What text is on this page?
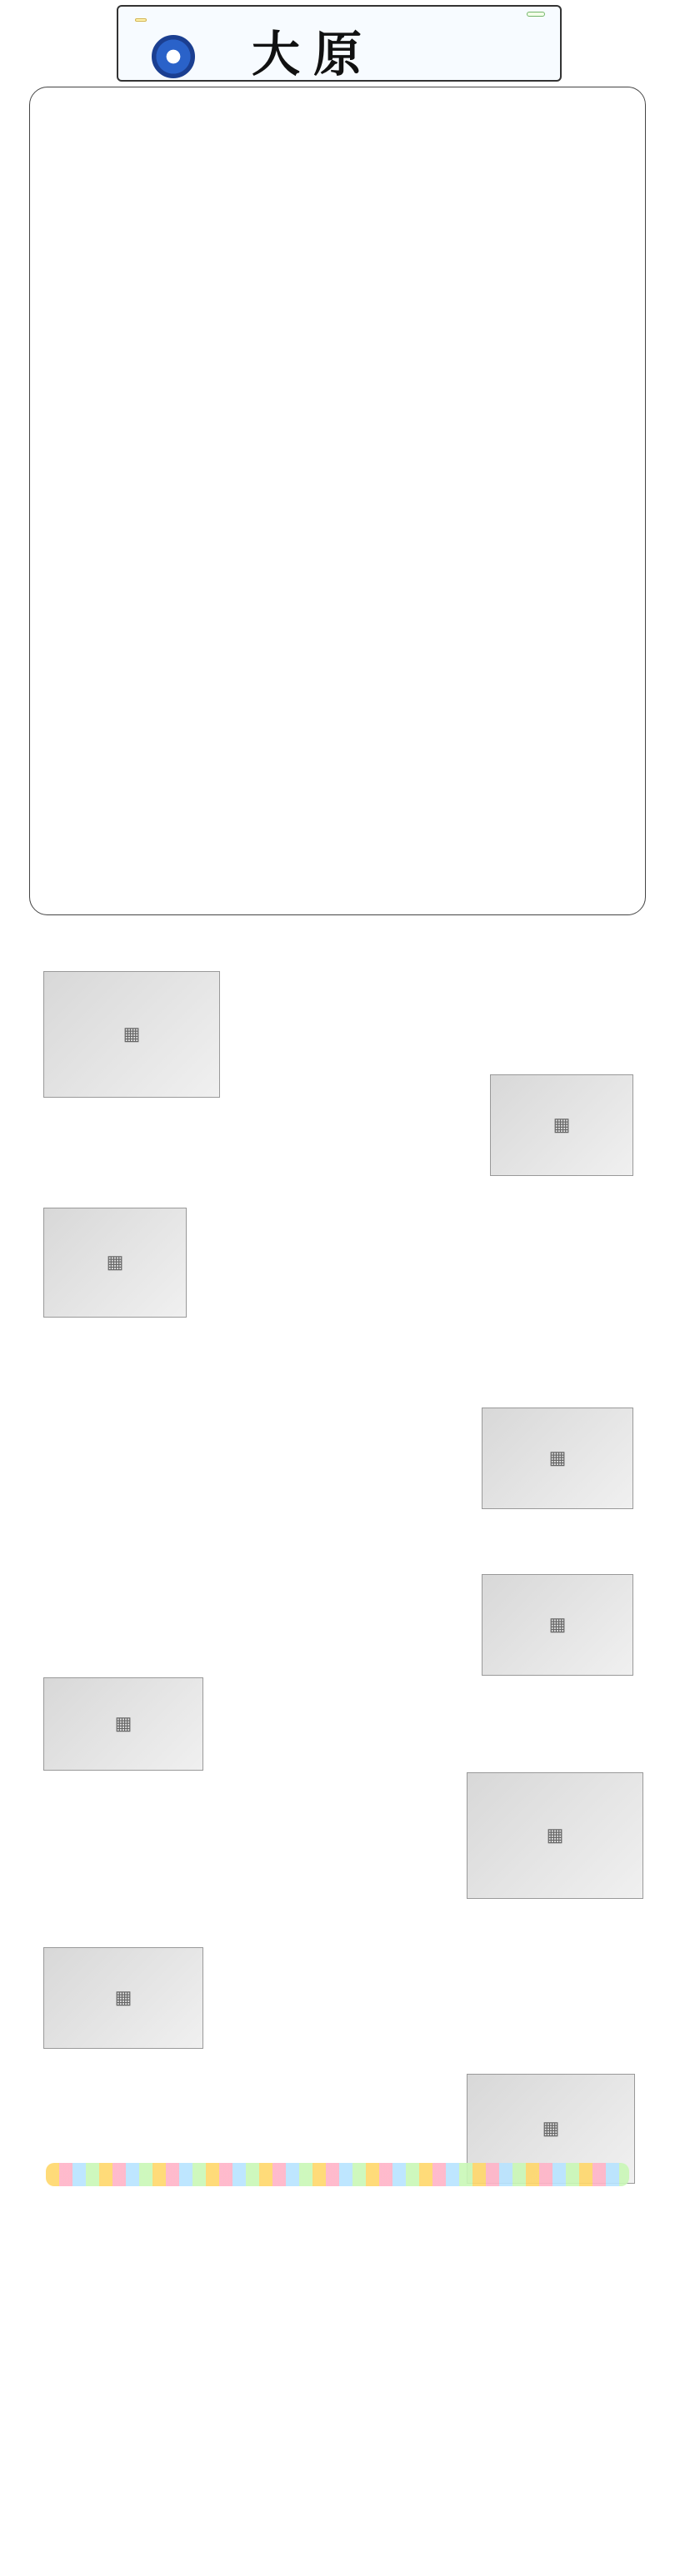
大原

▦
▦
▦
▦
▦
▦
▦
▦
▦
